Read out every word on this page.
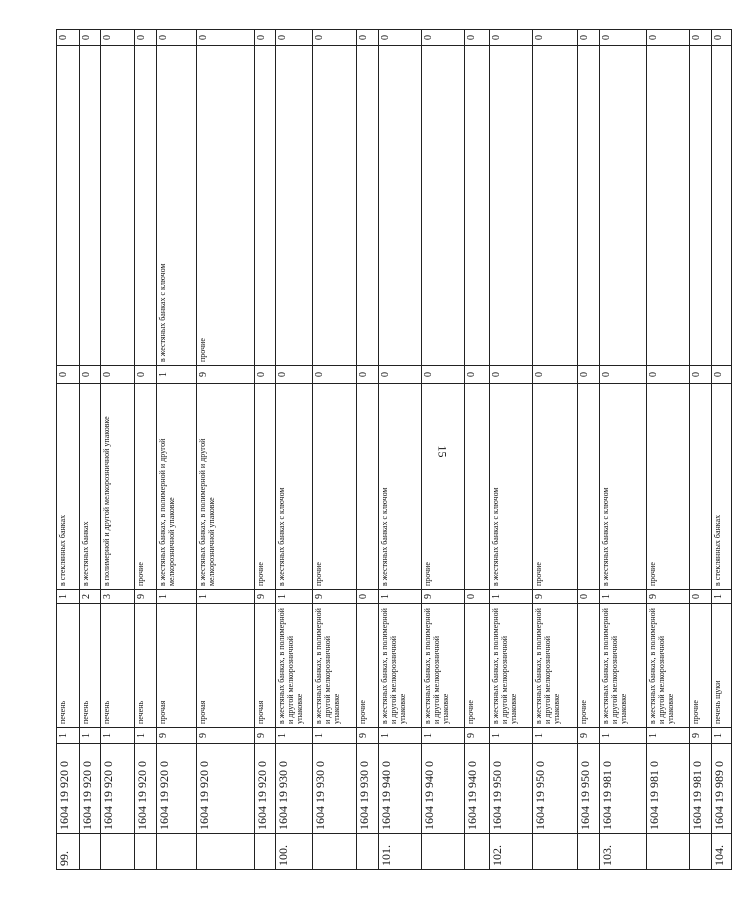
15
99.	1604 19 920 0	1	печень	1	в стеклянных банках	0		0
	1604 19 920 0	1	печень	2	в жестяных банках	0		0
	1604 19 920 0	1	печень	3	в полимерной и другой мелкорозничной упаковке	0		0
	1604 19 920 0	1	печень	9	прочие	0		0
	1604 19 920 0	9	прочая	1	в жестяных банках, в полимерной и другой мелкорозничной упаковке	1	в жестяных банках с ключом	0
	1604 19 920 0	9	прочая	1	в жестяных банках, в полимерной и другой мелкорозничной упаковке	9	прочие	0
	1604 19 920 0	9	прочая	9	прочие	0		0
100.	1604 19 930 0	1	в жестяных банках, в полимерной и другой мелкорозничной упаковке	1	в жестяных банках с ключом	0		0
	1604 19 930 0	1	в жестяных банках, в полимерной и другой мелкорозничной упаковке	9	прочие	0		0
	1604 19 930 0	9	прочие	0		0		0
101.	1604 19 940 0	1	в жестяных банках, в полимерной и другой мелкорозничной упаковке	1	в жестяных банках с ключом	0		0
	1604 19 940 0	1	в жестяных банках, в полимерной и другой мелкорозничной упаковке	9	прочие	0		0
	1604 19 940 0	9	прочие	0		0		0
102.	1604 19 950 0	1	в жестяных банках, в полимерной и другой мелкорозничной упаковке	1	в жестяных банках с ключом	0		0
	1604 19 950 0	1	в жестяных банках, в полимерной и другой мелкорозничной упаковке	9	прочие	0		0
	1604 19 950 0	9	прочие	0		0		0
103.	1604 19 981 0	1	в жестяных банках, в полимерной и другой мелкорозничной упаковке	1	в жестяных банках с ключом	0		0
	1604 19 981 0	1	в жестяных банках, в полимерной и другой мелкорозничной упаковке	9	прочие	0		0
	1604 19 981 0	9	прочие	0		0		0
104.	1604 19 989 0	1	печень щуки	1	в стеклянных банках	0		0
